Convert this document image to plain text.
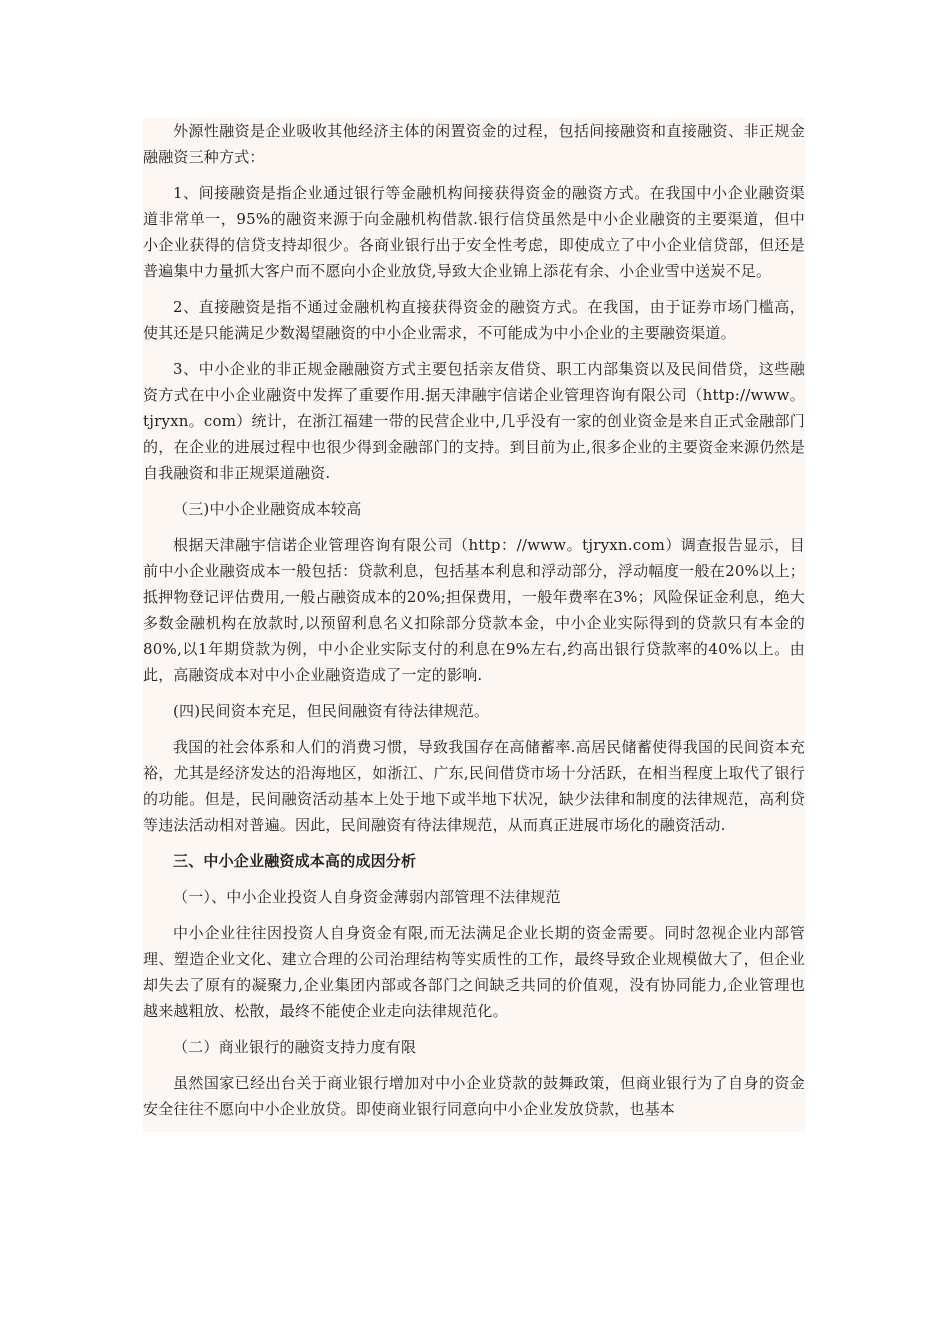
外源性融资是企业吸收其他经济主体的闲置资金的过程，包括间接融资和直接融资、非正规金融融资三种方式：

1、间接融资是指企业通过银行等金融机构间接获得资金的融资方式。在我国中小企业融资渠道非常单一，95%的融资来源于向金融机构借款.银行信贷虽然是中小企业融资的主要渠道，但中小企业获得的信贷支持却很少。各商业银行出于安全性考虑，即使成立了中小企业信贷部，但还是普遍集中力量抓大客户而不愿向小企业放贷,导致大企业锦上添花有余、小企业雪中送炭不足。

2、直接融资是指不通过金融机构直接获得资金的融资方式。在我国，由于证券市场门槛高，使其还是只能满足少数渴望融资的中小企业需求，不可能成为中小企业的主要融资渠道。

3、中小企业的非正规金融融资方式主要包括亲友借贷、职工内部集资以及民间借贷，这些融资方式在中小企业融资中发挥了重要作用.据天津融宇信诺企业管理咨询有限公司（http://www。tjryxn。com）统计，在浙江福建一带的民营企业中,几乎没有一家的创业资金是来自正式金融部门的，在企业的进展过程中也很少得到金融部门的支持。到目前为止,很多企业的主要资金来源仍然是自我融资和非正规渠道融资.

（三)中小企业融资成本较高

根据天津融宇信诺企业管理咨询有限公司（http：//www。tjryxn.com）调查报告显示，目前中小企业融资成本一般包括：贷款利息，包括基本利息和浮动部分，浮动幅度一般在20%以上；抵押物登记评估费用,一般占融资成本的20%;担保费用，一般年费率在3%；风险保证金利息，绝大多数金融机构在放款时,以预留利息名义扣除部分贷款本金，中小企业实际得到的贷款只有本金的80%,以1年期贷款为例，中小企业实际支付的利息在9%左右,约高出银行贷款率的40%以上。由此，高融资成本对中小企业融资造成了一定的影响.

(四)民间资本充足，但民间融资有待法律规范。

我国的社会体系和人们的消费习惯，导致我国存在高储蓄率.高居民储蓄使得我国的民间资本充裕，尤其是经济发达的沿海地区，如浙江、广东,民间借贷市场十分活跃，在相当程度上取代了银行的功能。但是，民间融资活动基本上处于地下或半地下状况，缺少法律和制度的法律规范，高利贷等违法活动相对普遍。因此，民间融资有待法律规范，从而真正进展市场化的融资活动.

三、中小企业融资成本高的成因分析

（一）、中小企业投资人自身资金薄弱内部管理不法律规范

中小企业往往因投资人自身资金有限,而无法满足企业长期的资金需要。同时忽视企业内部管理、塑造企业文化、建立合理的公司治理结构等实质性的工作，最终导致企业规模做大了，但企业却失去了原有的凝聚力,企业集团内部或各部门之间缺乏共同的价值观，没有协同能力,企业管理也越来越粗放、松散，最终不能使企业走向法律规范化。

（二）商业银行的融资支持力度有限

虽然国家已经出台关于商业银行增加对中小企业贷款的鼓舞政策，但商业银行为了自身的资金安全往往不愿向中小企业放贷。即使商业银行同意向中小企业发放贷款，也基本
